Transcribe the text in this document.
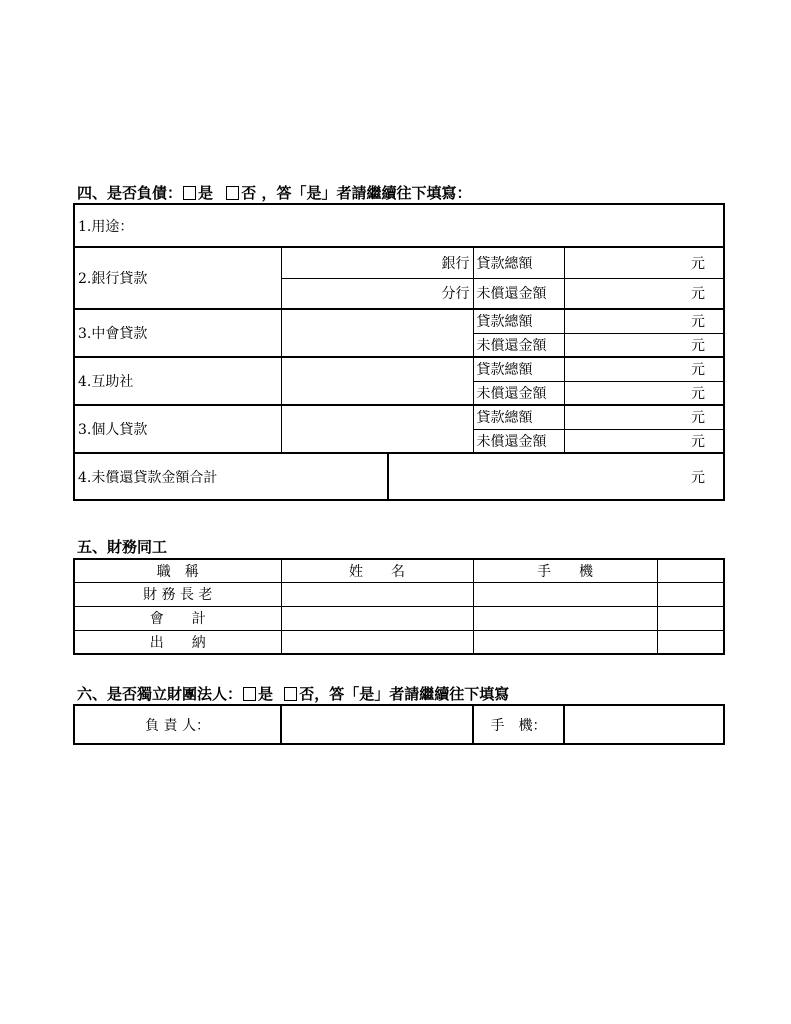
四、是否負債： 是 否 ，答「是」者請繼續往下填寫：
1.用途：				
2.銀行貸款	銀行		貸款總額	元
	分行		未償還金額	元
3.中會貸款			貸款總額	元
			未償還金額	元
4.互助社			貸款總額	元
			未償還金額	元
3.個人貸款			貸款總額	元
			未償還金額	元
4.未償還貸款金額合計		元		
五、財務同工
職　稱	姓　　名	手　　機	
財 務 長 老			
會　　計			
出　　納			
六、是否獨立財團法人： 是 否，答「是」者請繼續往下填寫
負 責 人：		手　機：	
